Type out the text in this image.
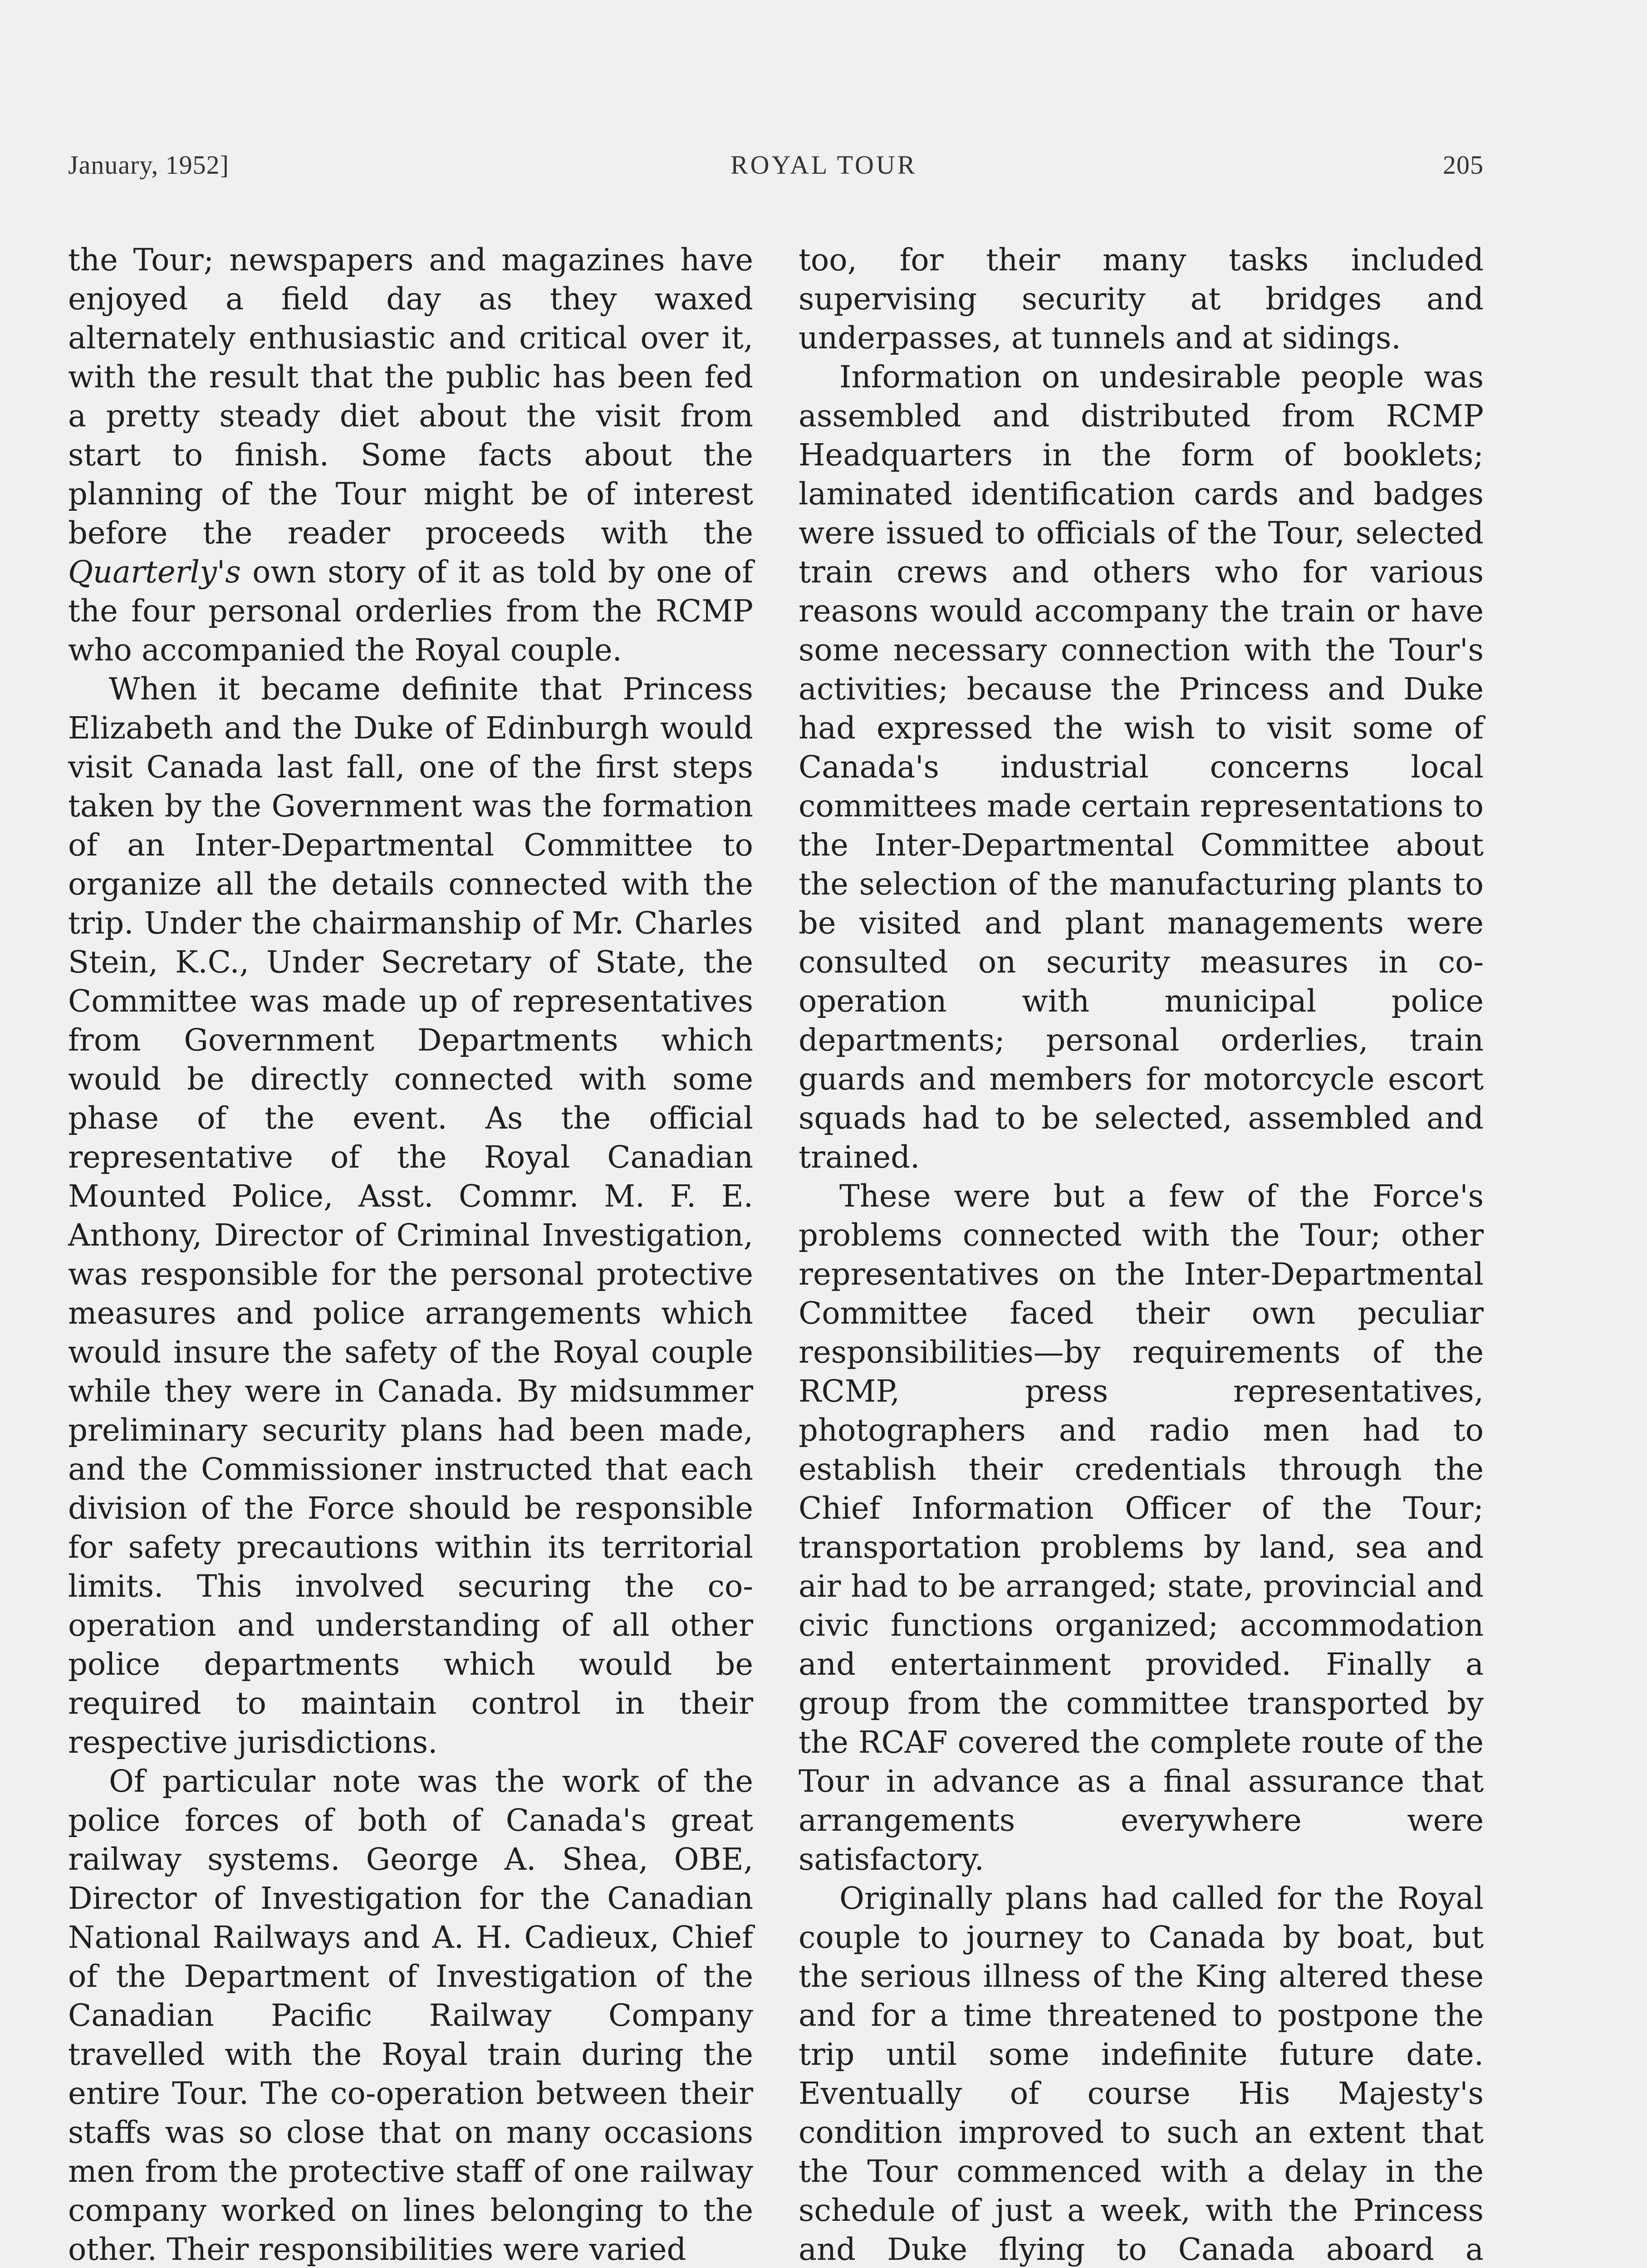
January, 1952]	ROYAL TOUR	205

the Tour; newspapers and magazines have enjoyed a field day as they waxed alternately enthusiastic and critical over it, with the result that the public has been fed a pretty steady diet about the visit from start to finish. Some facts about the planning of the Tour might be of interest before the reader proceeds with the Quarterly's own story of it as told by one of the four personal orderlies from the RCMP who accompanied the Royal couple.

When it became definite that Princess Elizabeth and the Duke of Edinburgh would visit Canada last fall, one of the first steps taken by the Government was the formation of an Inter-Departmental Committee to organize all the details connected with the trip. Under the chairmanship of Mr. Charles Stein, K.C., Under Secretary of State, the Committee was made up of representatives from Government Departments which would be directly connected with some phase of the event. As the official representative of the Royal Canadian Mounted Police, Asst. Commr. M. F. E. Anthony, Director of Criminal Investigation, was responsible for the personal protective measures and police arrangements which would insure the safety of the Royal couple while they were in Canada. By midsummer preliminary security plans had been made, and the Commissioner instructed that each division of the Force should be responsible for safety precautions within its territorial limits. This involved securing the co-operation and understanding of all other police departments which would be required to maintain control in their respective jurisdictions.

Of particular note was the work of the police forces of both of Canada's great railway systems. George A. Shea, OBE, Director of Investigation for the Canadian National Railways and A. H. Cadieux, Chief of the Department of Investigation of the Canadian Pacific Railway Company travelled with the Royal train during the entire Tour. The co-operation between their staffs was so close that on many occasions men from the protective staff of one railway company worked on lines belonging to the other. Their responsibilities were varied

too, for their many tasks included supervising security at bridges and underpasses, at tunnels and at sidings.

Information on undesirable people was assembled and distributed from RCMP Headquarters in the form of booklets; laminated identification cards and badges were issued to officials of the Tour, selected train crews and others who for various reasons would accompany the train or have some necessary connection with the Tour's activities; because the Princess and Duke had expressed the wish to visit some of Canada's industrial concerns local committees made certain representations to the Inter-Departmental Committee about the selection of the manufacturing plants to be visited and plant managements were consulted on security measures in co-operation with municipal police departments; personal orderlies, train guards and members for motorcycle escort squads had to be selected, assembled and trained.

These were but a few of the Force's problems connected with the Tour; other representatives on the Inter-Departmental Committee faced their own peculiar responsibilities—by requirements of the RCMP, press representatives, photographers and radio men had to establish their credentials through the Chief Information Officer of the Tour; transportation problems by land, sea and air had to be arranged; state, provincial and civic functions organized; accommodation and entertainment provided. Finally a group from the committee transported by the RCAF covered the complete route of the Tour in advance as a final assurance that arrangements everywhere were satisfactory.

Originally plans had called for the Royal couple to journey to Canada by boat, but the serious illness of the King altered these and for a time threatened to postpone the trip until some indefinite future date. Eventually of course His Majesty's condition improved to such an extent that the Tour commenced with a delay in the schedule of just a week, with the Princess and Duke flying to Canada aboard a
